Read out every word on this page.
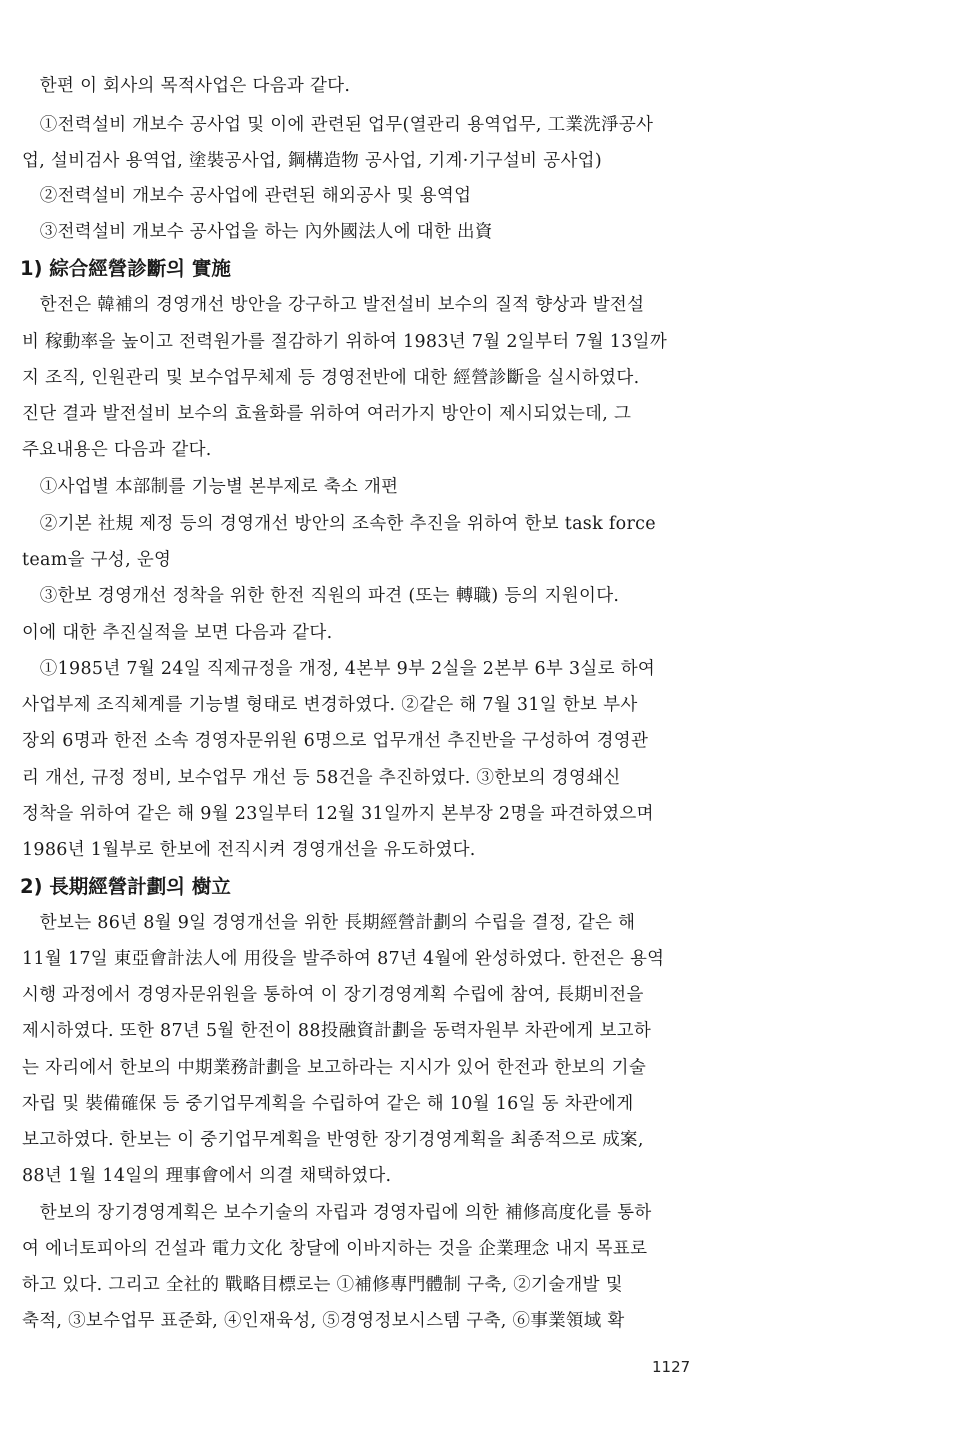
　한편 이 회사의 목적사업은 다음과 같다.
　①전력설비 개보수 공사업 및 이에 관련된 업무(열관리 용역업무, 工業洗淨공사
업, 설비검사 용역업, 塗裝공사업, 鋼構造物 공사업, 기계·기구설비 공사업)
　②전력설비 개보수 공사업에 관련된 해외공사 및 용역업
　③전력설비 개보수 공사업을 하는 內外國法人에 대한 出資
1) 綜合經營診斷의 實施
　한전은 韓補의 경영개선 방안을 강구하고 발전설비 보수의 질적 향상과 발전설
비 稼動率을 높이고 전력원가를 절감하기 위하여 1983년 7월 2일부터 7월 13일까
지 조직, 인원관리 및 보수업무체제 등 경영전반에 대한 經營診斷을 실시하였다.
진단 결과 발전설비 보수의 효율화를 위하여 여러가지 방안이 제시되었는데, 그
주요내용은 다음과 같다.
　①사업별 本部制를 기능별 본부제로 축소 개편
　②기본 社規 제정 등의 경영개선 방안의 조속한 추진을 위하여 한보 task force
team을 구성, 운영
　③한보 경영개선 정착을 위한 한전 직원의 파견 (또는 轉職) 등의 지원이다.
이에 대한 추진실적을 보면 다음과 같다.
　①1985년 7월 24일 직제규정을 개정, 4본부 9부 2실을 2본부 6부 3실로 하여
사업부제 조직체계를 기능별 형태로 변경하였다. ②같은 해 7월 31일 한보 부사
장외 6명과 한전 소속 경영자문위원 6명으로 업무개선 추진반을 구성하여 경영관
리 개선, 규정 정비, 보수업무 개선 등 58건을 추진하였다. ③한보의 경영쇄신
정착을 위하여 같은 해 9월 23일부터 12월 31일까지 본부장 2명을 파견하였으며
1986년 1월부로 한보에 전직시켜 경영개선을 유도하였다.
2) 長期經營計劃의 樹立
　한보는 86년 8월 9일 경영개선을 위한 長期經營計劃의 수립을 결정, 같은 해
11월 17일 東亞會計法人에 用役을 발주하여 87년 4월에 완성하였다. 한전은 용역
시행 과정에서 경영자문위원을 통하여 이 장기경영계획 수립에 참여, 長期비전을
제시하였다. 또한 87년 5월 한전이 88投融資計劃을 동력자원부 차관에게 보고하
는 자리에서 한보의 中期業務計劃을 보고하라는 지시가 있어 한전과 한보의 기술
자립 및 裝備確保 등 중기업무계획을 수립하여 같은 해 10월 16일 동 차관에게
보고하였다. 한보는 이 중기업무계획을 반영한 장기경영계획을 최종적으로 成案,
88년 1월 14일의 理事會에서 의결 채택하였다.
　한보의 장기경영계획은 보수기술의 자립과 경영자립에 의한 補修高度化를 통하
여 에너토피아의 건설과 電力文化 창달에 이바지하는 것을 企業理念 내지 목표로
하고 있다. 그리고 全社的 戰略目標로는 ①補修專門體制 구축, ②기술개발 및
축적, ③보수업무 표준화, ④인재육성, ⑤경영정보시스템 구축, ⑥事業領域 확
1127
